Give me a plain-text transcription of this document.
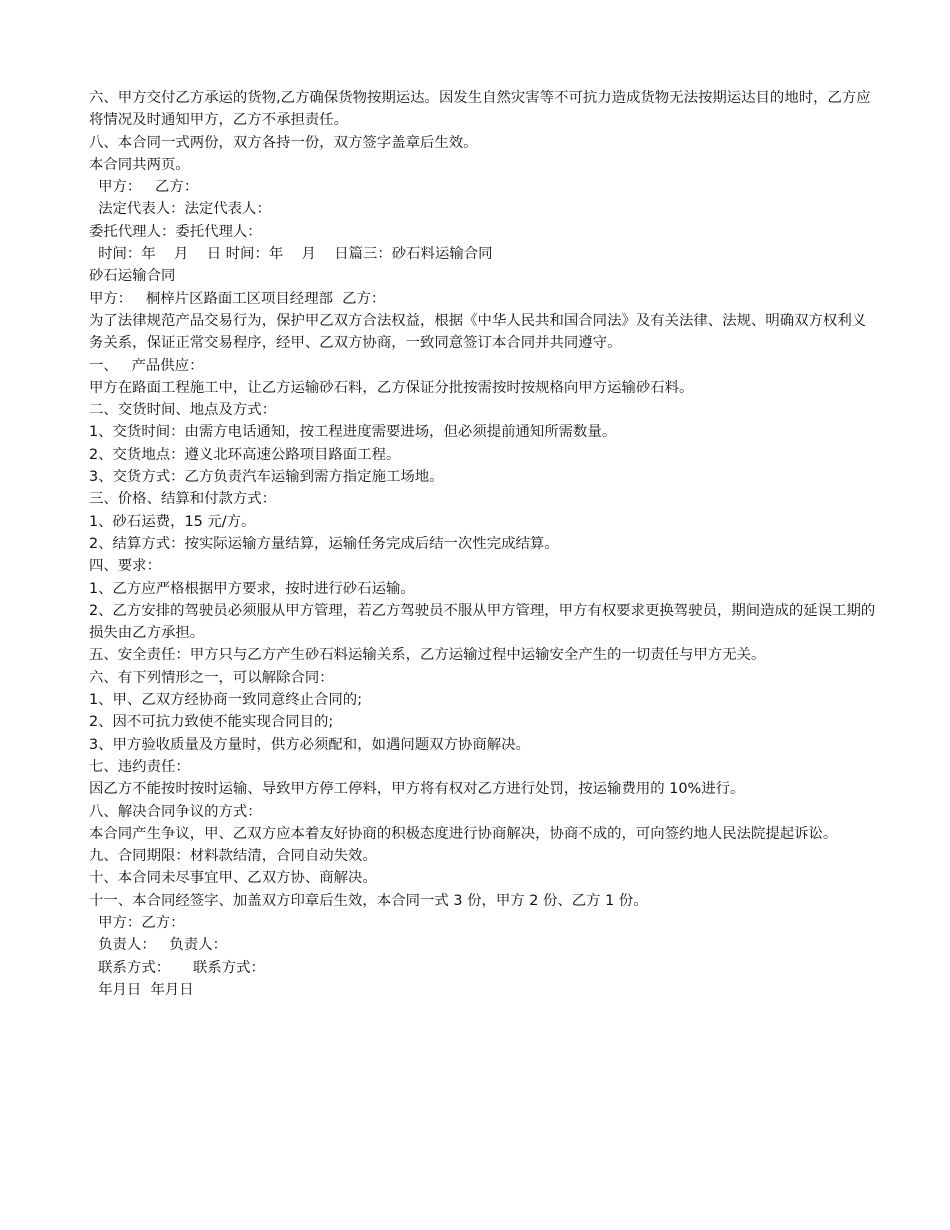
六、甲方交付乙方承运的货物,乙方确保货物按期运达。因发生自然灾害等不可抗力造成货物无法按期运达目的地时，乙方应将情况及时通知甲方，乙方不承担责任。
八、本合同一式两份，双方各持一份，双方签字盖章后生效。
本合同共两页。
甲方：   乙方：
法定代表人：法定代表人：
委托代理人：委托代理人：
时间：年    月    日 时间：年    月    日篇三：砂石料运输合同
砂石运输合同
甲方：   桐梓片区路面工区项目经理部  乙方：
为了法律规范产品交易行为，保护甲乙双方合法权益，根据《中华人民共和国合同法》及有关法律、法规、明确双方权利义务关系，保证正常交易程序，经甲、乙双方协商，一致同意签订本合同并共同遵守。
一、   产品供应：
甲方在路面工程施工中，让乙方运输砂石料，乙方保证分批按需按时按规格向甲方运输砂石料。
二、交货时间、地点及方式：
1、交货时间：由需方电话通知，按工程进度需要进场，但必须提前通知所需数量。
2、交货地点：遵义北环高速公路项目路面工程。
3、交货方式：乙方负责汽车运输到需方指定施工场地。
三、价格、结算和付款方式：
1、砂石运费，15 元/方。
2、结算方式：按实际运输方量结算，运输任务完成后结一次性完成结算。
四、要求：
1、乙方应严格根据甲方要求，按时进行砂石运输。
2、乙方安排的驾驶员必须服从甲方管理，若乙方驾驶员不服从甲方管理，甲方有权要求更换驾驶员，期间造成的延误工期的损失由乙方承担。
五、安全责任：甲方只与乙方产生砂石料运输关系，乙方运输过程中运输安全产生的一切责任与甲方无关。
六、有下列情形之一，可以解除合同：
1、甲、乙双方经协商一致同意终止合同的;
2、因不可抗力致使不能实现合同目的;
3、甲方验收质量及方量时，供方必须配和，如遇问题双方协商解决。
七、违约责任：
因乙方不能按时按时运输、导致甲方停工停料，甲方将有权对乙方进行处罚，按运输费用的 10%进行。
八、解决合同争议的方式：
本合同产生争议，甲、乙双方应本着友好协商的积极态度进行协商解决，协商不成的，可向签约地人民法院提起诉讼。
九、合同期限：材料款结清，合同自动失效。
十、本合同未尽事宜甲、乙双方协、商解决。
十一、本合同经签字、加盖双方印章后生效，本合同一式 3 份，甲方 2 份、乙方 1 份。
甲方：乙方：
负责人：   负责人：
联系方式：     联系方式：
年月日  年月日
